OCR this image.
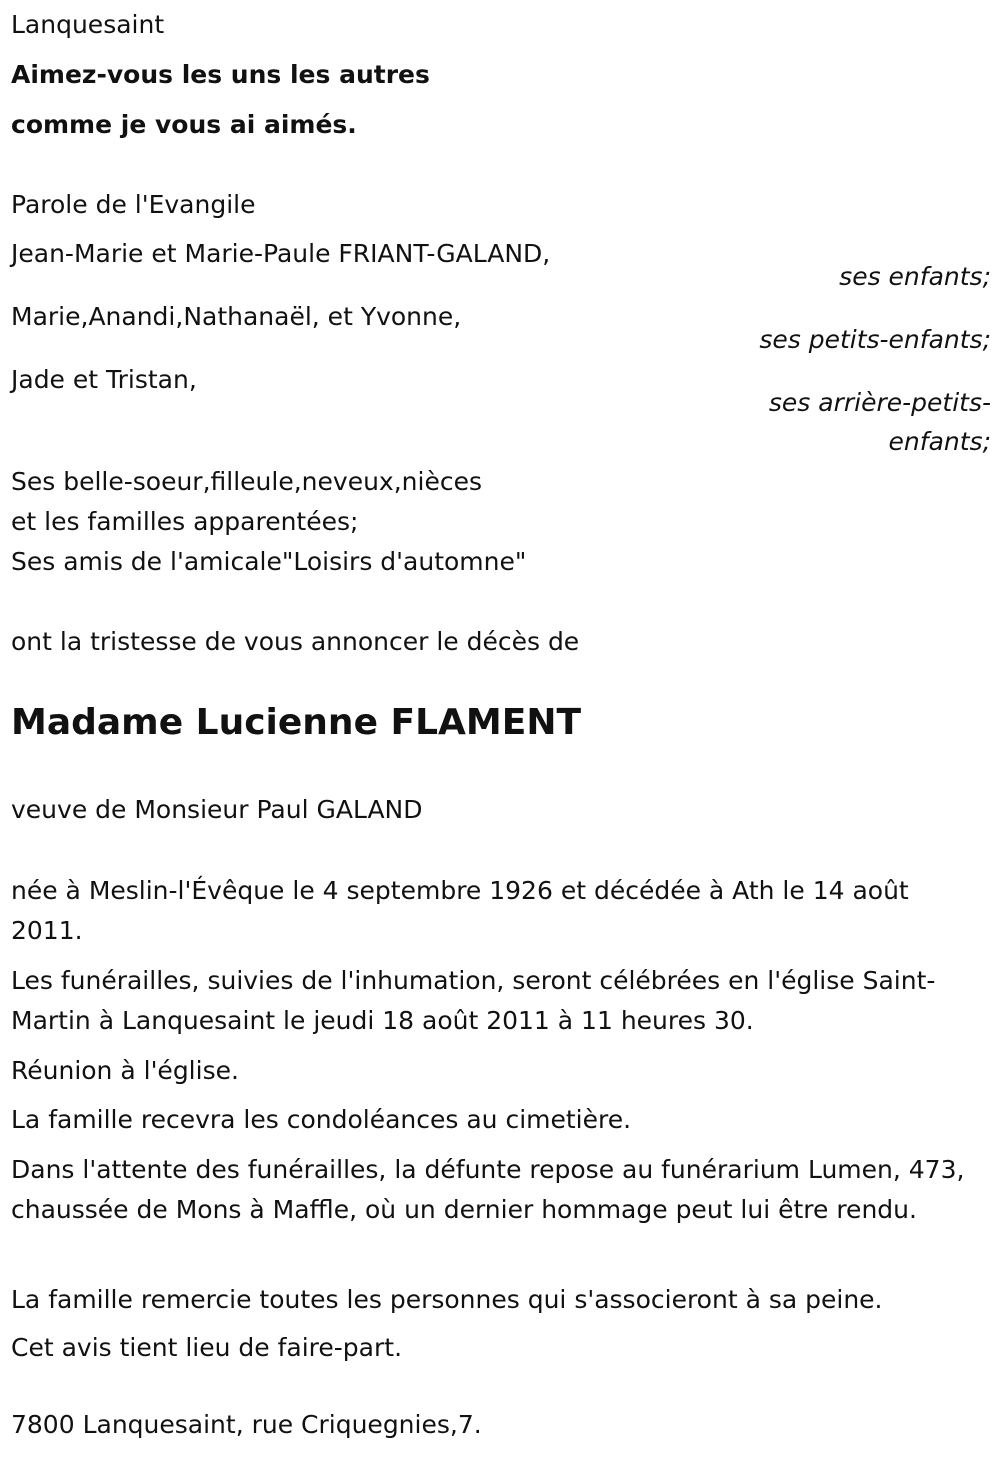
Lanquesaint
Aimez-vous les uns les autres
comme je vous ai aimés.
Parole de l'Evangile
Jean-Marie et Marie-Paule FRIANT-GALAND,
ses enfants;
Marie,Anandi,Nathanaël, et Yvonne,
ses petits-enfants;
Jade et Tristan,
ses arrière-petits-
enfants;
Ses belle-soeur,filleule,neveux,nièces
et les familles apparentées;
Ses amis de l'amicale"Loisirs d'automne"
ont la tristesse de vous annoncer le décès de
Madame Lucienne FLAMENT
veuve de Monsieur Paul GALAND
née à Meslin-l'Évêque le 4 septembre 1926 et décédée à Ath le 14 août 2011.
Les funérailles, suivies de l'inhumation, seront célébrées en l'église Saint-Martin à Lanquesaint le jeudi 18 août 2011 à 11 heures 30.
Réunion à l'église.
La famille recevra les condoléances au cimetière.
Dans l'attente des funérailles, la défunte repose au funérarium Lumen, 473, chaussée de Mons à Maffle, où un dernier hommage peut lui être rendu.
La famille remercie toutes les personnes qui s'associeront à sa peine.
Cet avis tient lieu de faire-part.
7800 Lanquesaint, rue Criquegnies,7.
